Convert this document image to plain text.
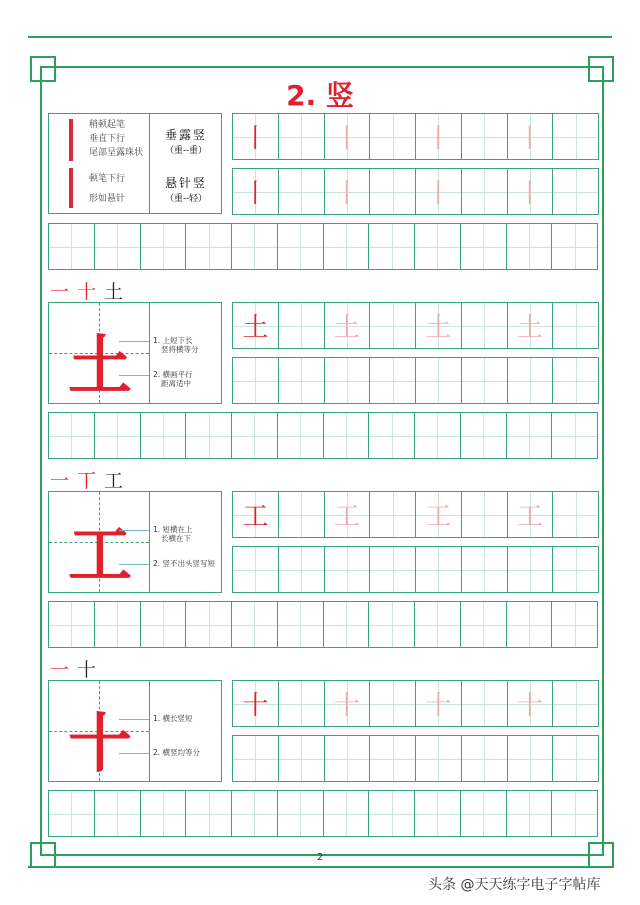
2. 竖
稍顿起笔
垂直下行
尾部呈露珠状
顿笔下行
形如悬针
垂露竖
（重--重）
悬针竖
（重--轻）
2
头条 @天天练字电子字帖库
丨	丨	丨	丨
丨	丨	丨	丨
一 十 土
土	1. 上短下长
竖将横等分
2. 横画平行
距离适中
土	土	土	土
一 丅 工
工	1. 短横在上
长横在下
2. 竖不出头竖写短
工	工	工	工
一 十
十	1. 横长竖短
2. 横竖均等分
十	十	十	十
